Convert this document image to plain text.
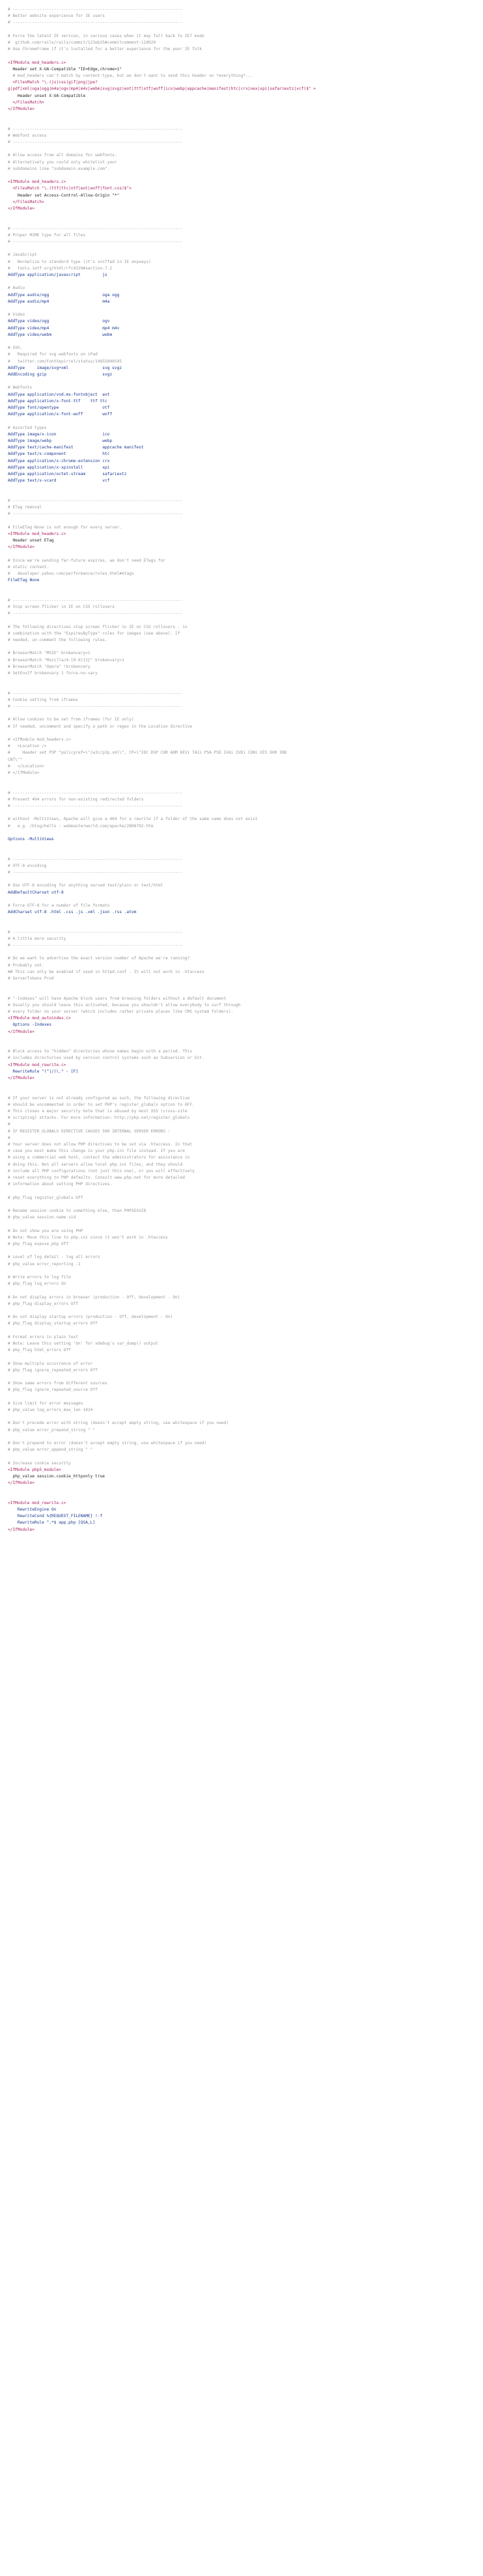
# ----------------------------------------------------------------------
# Better website experience for IE users
# ----------------------------------------------------------------------
# Force the latest IE version, in various cases when it may fall back to IE7 mode
#  github.com/rails/rails/commit/123eb25#commitcomment-118920
# Use ChromeFrame if it's installed for a better experience for the poor IE folk
<IfModule mod_headers.c>
Header set X-UA-Compatible "IE=Edge,chrome=1"
# mod_headers can't match by content-type, but we don't want to send this header on *everything*...
<FilesMatch "\.(js|css|gif|png|jpe?
g|pdf|xml|oga|ogg|m4a|ogv|mp4|m4v|webm|svg|svgz|eot|ttf|otf|woff|ico|webp|appcache|manifest|htc|crx|oex|xpi|safariextz|vcf)$" >
Header unset X-UA-Compatible
</FilesMatch>
</IfModule>
# ----------------------------------------------------------------------
# Webfont access
# ----------------------------------------------------------------------
# Allow access from all domains for webfonts.
# Alternatively you could only whitelist your
# subdomains like "subdomain.example.com".
<IfModule mod_headers.c>
<FilesMatch "\.(ttf|ttc|otf|eot|woff|font.css)$">
Header set Access-Control-Allow-Origin "*"
</FilesMatch>
</IfModule>
# ----------------------------------------------------------------------
# Proper MIME type for all files
# ----------------------------------------------------------------------
# JavaScript
#   Normalize to standard type (it's sniffed in IE anyways)
#   tools.ietf.org/html/rfc4329#section-7.2
AddType application/javascript         js
# Audio
AddType audio/ogg                      oga ogg
AddType audio/mp4                      m4a
# Video
AddType video/ogg                      ogv
AddType video/mp4                      mp4 m4v
AddType video/webm                     webm
# SVG.
#   Required for svg webfonts on iPad
#   twitter.com/FontSquirrel/status/14855840545
AddType     image/svg+xml              svg svgz
AddEncoding gzip                       svgz
# Webfonts
AddType application/vnd.ms-fontobject  eot
AddType application/x-font-ttf    ttf ttc
AddType font/opentype                  otf
AddType application/x-font-woff        woff
# Assorted types
AddType image/x-icon                   ico
AddType image/webp                     webp
AddType text/cache-manifest            appcache manifest
AddType text/x-component               htc
AddType application/x-chrome-extension crx
AddType application/x-xpinstall        xpi
AddType application/octet-stream       safariextz
AddType text/x-vcard                   vcf
# ----------------------------------------------------------------------
# ETag removal
# ----------------------------------------------------------------------
# FileETag None is not enough for every server.
<IfModule mod_headers.c>
Header unset ETag
</IfModule>
# Since we're sending far-future expires, we don't need ETags for
# static content.
#   developer.yahoo.com/performance/rules.html#etags
FileETag None
# ----------------------------------------------------------------------
# Stop screen flicker in IE on CSS rollovers
# ----------------------------------------------------------------------
# The following directives stop screen flicker in IE on CSS rollovers - in
# combination with the "ExpiresByType" rules for images (see above). If
# needed, un-comment the following rules.
# BrowserMatch "MSIE" brokenvary=1
# BrowserMatch "Mozilla/4.[0-9]{2}" brokenvary=1
# BrowserMatch "Opera" !brokenvary
# SetEnvIf brokenvary 1 force-no-vary
# ----------------------------------------------------------------------
# Cookie setting from iframes
# ----------------------------------------------------------------------
# Allow cookies to be set from iframes (for IE only)
# If needed, uncomment and specify a path or regex in the Location directive
# <IfModule mod_headers.c>
#   <Location />
#     Header set P3P "policyref=\"/w3c/p3p.xml\", CP=\"IDC DSP COR ADM DEVi TAIi PSA PSD IVAi IVDi CONi HIS OUR IND
CNT\""
#   </Location>
# </IfModule>
# ----------------------------------------------------------------------
# Prevent 404 errors for non-existing redirected folders
# ----------------------------------------------------------------------
# without -MultiViews, Apache will give a 404 for a rewrite if a folder of the same name does not exist
#   e.g. /blog/hello : webmasterworld.com/apache/2808792.htm
Options -MultiViews
# ----------------------------------------------------------------------
# UTF-8 encoding
# ----------------------------------------------------------------------
# Use UTF-8 encoding for anything served text/plain or text/html
AddDefaultCharset utf-8
# Force UTF-8 for a number of file formats
AddCharset utf-8 .html .css .js .xml .json .rss .atom
# ----------------------------------------------------------------------
# A little more security
# ----------------------------------------------------------------------
# Do we want to advertise the exact version number of Apache we're running?
# Probably not.
## This can only be enabled if used in httpd.conf - It will not work in .htaccess
# ServerTokens Prod
# "-Indexes" will have Apache block users from browsing folders without a default document
# Usually you should leave this activated, because you shouldn't allow everybody to surf through
# every folder on your server (which includes rather private places like CMS system folders).
<IfModule mod_autoindex.c>
Options -Indexes
</IfModule>
# Block access to "hidden" directories whose names begin with a period. This
# includes directories used by version control systems such as Subversion or Git.
<IfModule mod_rewrite.c>
RewriteRule "(^|/)\." - [F]
</IfModule>
# If your server is not already configured as such, the following directive
# should be uncommented in order to set PHP's register_globals option to OFF.
# This closes a major security hole that is abused by most XSS (cross-site
# scripting) attacks. For more information: http://php.net/register_globals
#
# IF REGISTER_GLOBALS DIRECTIVE CAUSES 500 INTERNAL SERVER ERRORS :
#
# Your server does not allow PHP directives to be set via .htaccess. In that
# case you must make this change in your php.ini file instead. If you are
# using a commercial web host, contact the administrators for assistance in
# doing this. Not all servers allow local php.ini files, and they should
# include all PHP configurations (not just this one), or you will effectively
# reset everything to PHP defaults. Consult www.php.net for more detailed
# information about setting PHP directives.
# php_flag register_globals Off
# Rename session cookie to something else, than PHPSESSID
# php_value session.name sid
# Do not show you are using PHP
# Note: Move this line to php.ini since it won't work in .htaccess
# php_flag expose_php Off
# Level of log detail - log all errors
# php_value error_reporting -1
# Write errors to log file
# php_flag log_errors On
# Do not display errors in browser (production - Off, development - On)
# php_flag display_errors Off
# Do not display startup errors (production - Off, development - On)
# php_flag display_startup_errors Off
# Format errors in plain text
# Note: Leave this setting 'On' for xdebug's var_dump() output
# php_flag html_errors Off
# Show multiple occurrence of error
# php_flag ignore_repeated_errors Off
# Show same errors from different sources
# php_flag ignore_repeated_source Off
# Size limit for error messages
# php_value log_errors_max_len 1024
# Don't precede error with string (doesn't accept empty string, use whitespace if you need)
# php_value error_prepend_string " "
# Don't prepend to error (doesn't accept empty string, use whitespace if you need)
# php_value error_append_string " "
# Increase cookie security
<IfModule php5_module>
php_value session.cookie_httponly true
</IfModule>
<IfModule mod_rewrite.c>
RewriteEngine On
RewriteCond %{REQUEST_FILENAME} !-f
RewriteRule ^.*$ app.php [QSA,L]
</IfModule>
